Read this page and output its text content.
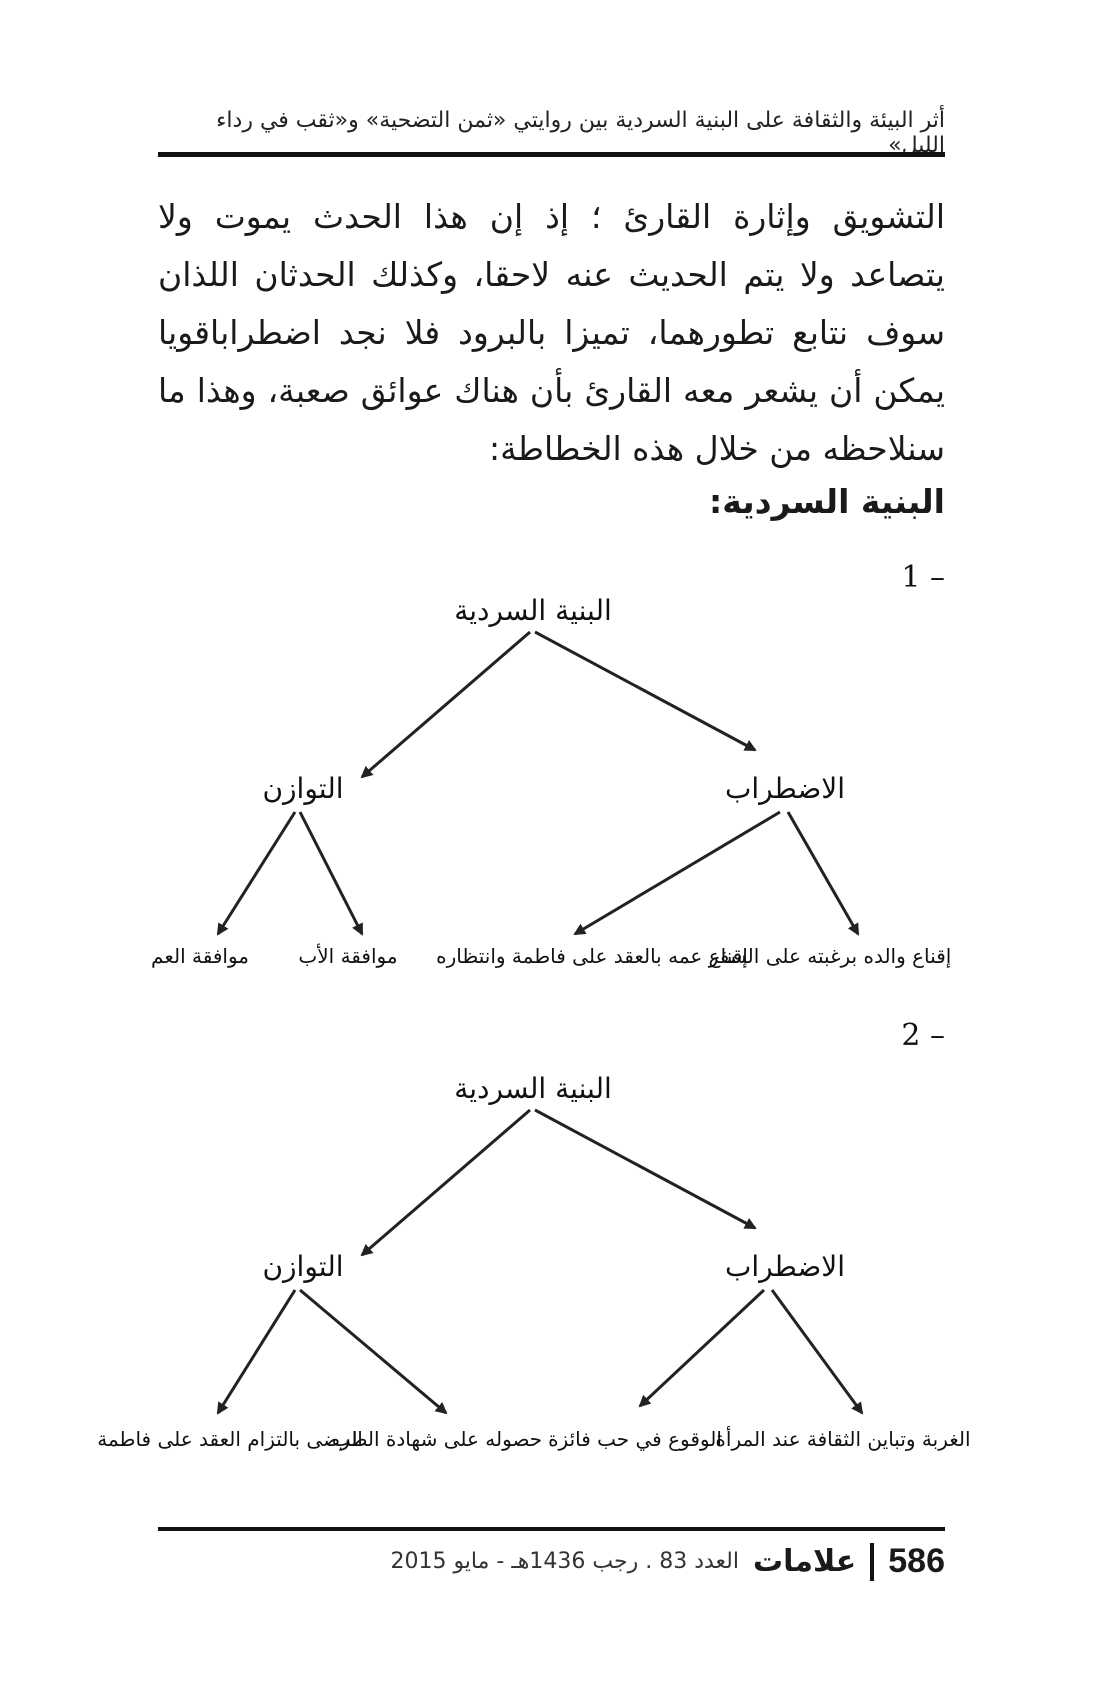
أثر البيئة والثقافة على البنية السردية بين روايتي «ثمن التضحية» و«ثقب في رداء الليل»

التشويق وإثارة القارئ ؛ إذ إن هذا الحدث يموت ولا يتصاعد ولا يتم الحديث عنه لاحقا، وكذلك الحدثان اللذان سوف نتابع تطورهما، تميزا بالبرود فلا نجد اضطراباقويا يمكن أن يشعر معه القارئ بأن هناك عوائق صعبة، وهذا ما سنلاحظه من خلال هذه الخطاطة:

البنية السردية:
1 –
البنية السردية
الاضطراب
التوازن
إقناع والده برغبته على السفر
إقناع عمه بالعقد على فاطمة وانتظاره
موافقة الأب
موافقة العم
2 –
البنية السردية
الاضطراب
التوازن
الغربة وتباين الثقافة عند المرأة
الوقوع في حب فائزة
حصوله على شهادة الطب
الرضى بالتزام العقد على فاطمة
586
علامات
العدد 83 . رجب 1436هـ - مايو 2015
